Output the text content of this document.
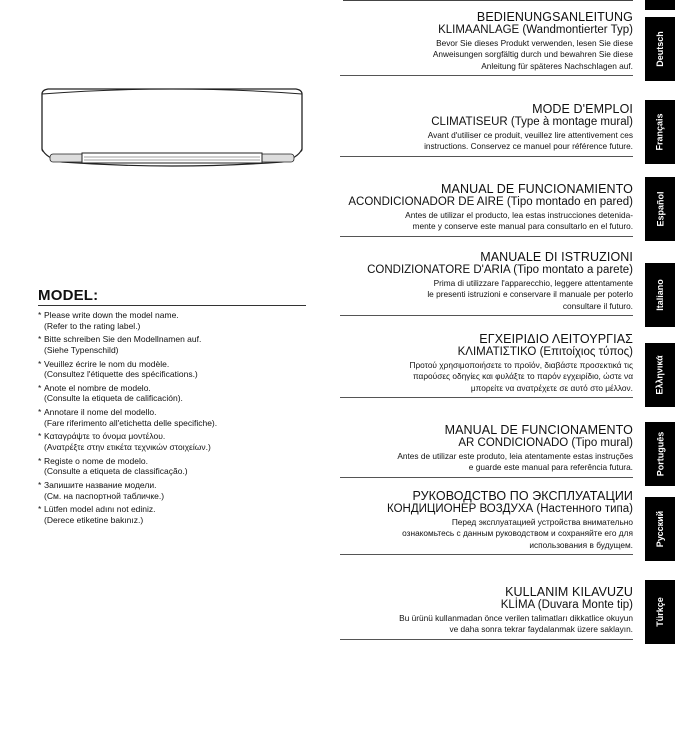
MODEL:
* Please write down the model name.
(Refer to the rating label.)
* Bitte schreiben Sie den Modellnamen auf.
(Siehe Typenschild)
* Veuillez écrire le nom du modèle.
(Consultez l'étiquette des spécifications.)
* Anote el nombre de modelo.
(Consulte la etiqueta de calificación).
* Annotare il nome del modello.
(Fare riferimento all'etichetta delle specifiche).
* Καταγράψτε το όνομα μοντέλου.
(Ανατρέξτε στην ετικέτα τεχνικών στοιχείων.)
* Registe o nome de modelo.
(Consulte a etiqueta de classificação.)
* Запишите название модели.
(См. на паспортной табличке.)
* Lütfen model adını not ediniz.
(Derece etiketine bakınız.)
BEDIENUNGSANLEITUNG
KLIMAANLAGE (Wandmontierter Typ)
Bevor Sie dieses Produkt verwenden, lesen Sie diese
Anweisungen sorgfältig durch und bewahren Sie diese
Anleitung für späteres Nachschlagen auf.
MODE D'EMPLOI
CLIMATISEUR (Type à montage mural)
Avant d'utiliser ce produit, veuillez lire attentivement ces
instructions. Conservez ce manuel pour référence future.
MANUAL DE FUNCIONAMIENTO
ACONDICIONADOR DE AIRE (Tipo montado en pared)
Antes de utilizar el producto, lea estas instrucciones detenida-
mente y conserve este manual para consultarlo en el futuro.
MANUALE DI ISTRUZIONI
CONDIZIONATORE D'ARIA (Tipo montato a parete)
Prima di utilizzare l'apparecchio, leggere attentamente
le presenti istruzioni e conservare il manuale per poterlo
consultare il futuro.
ΕΓΧΕΙΡΙΔΙΟ ΛΕΙΤΟΥΡΓΙΑΣ
ΚΛΙΜΑΤΙΣΤΙΚΟ (Επιτοίχιος τύπος)
Προτού χρησιμοποιήσετε το προϊόν, διαβάστε προσεκτικά τις
παρούσες οδηγίες και φυλάξτε το παρόν εγχειρίδιο, ώστε να
μπορείτε να ανατρέχετε σε αυτό στο μέλλον.
MANUAL DE FUNCIONAMENTO
AR CONDICIONADO (Tipo mural)
Antes de utilizar este produto, leia atentamente estas instruções
e guarde este manual para referência futura.
РУКОВОДСТВО ПО ЭКСПЛУАТАЦИИ
КОНДИЦИОНЕР ВОЗДУХА (Настенного типа)
Перед эксплуатацией устройства внимательно
ознакомьтесь с данным руководством и сохраняйте его для
использования в будущем.
KULLANIM KILAVUZU
KLİMA (Duvara Monte tip)
Bu ürünü kullanmadan önce verilen talimatları dikkatlice okuyun
ve daha sonra tekrar faydalanmak üzere saklayın.
Deutsch
Français
Español
Italiano
Ελληνικά
Português
Русский
Türkçe
